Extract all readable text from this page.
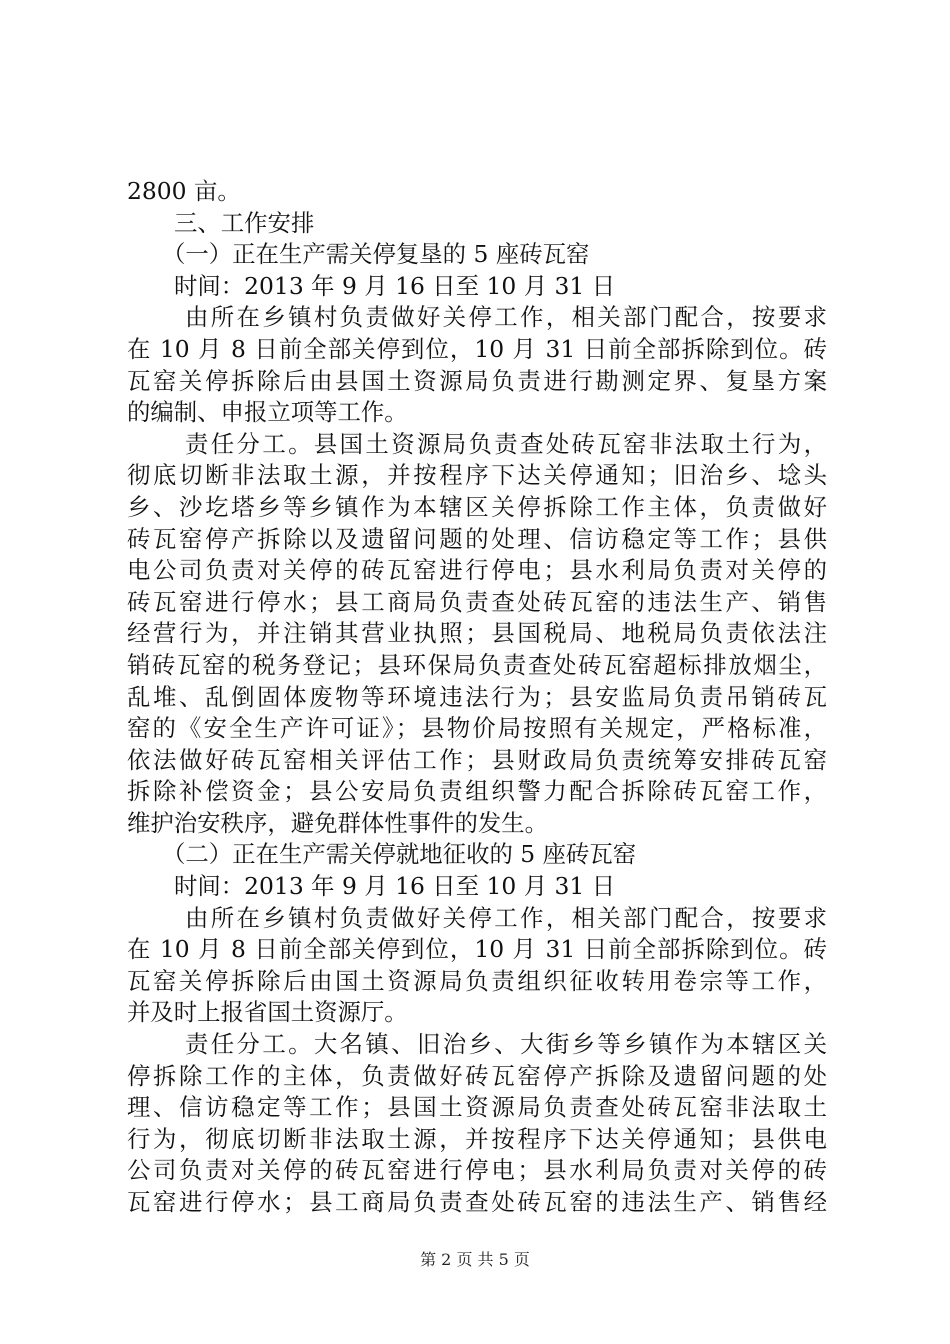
2800 亩。
三、工作安排
（一）正在生产需关停复垦的 5 座砖瓦窑
时间：2013 年 9 月 16 日至 10 月 31 日
由所在乡镇村负责做好关停工作，相关部门配合，按要求
在 10 月 8 日前全部关停到位，10 月 31 日前全部拆除到位。砖
瓦窑关停拆除后由县国土资源局负责进行勘测定界、复垦方案
的编制、申报立项等工作。
责任分工。县国土资源局负责查处砖瓦窑非法取土行为，
彻底切断非法取土源，并按程序下达关停通知；旧治乡、埝头
乡、沙圪塔乡等乡镇作为本辖区关停拆除工作主体，负责做好
砖瓦窑停产拆除以及遗留问题的处理、信访稳定等工作；县供
电公司负责对关停的砖瓦窑进行停电；县水利局负责对关停的
砖瓦窑进行停水；县工商局负责查处砖瓦窑的违法生产、销售
经营行为，并注销其营业执照；县国税局、地税局负责依法注
销砖瓦窑的税务登记；县环保局负责查处砖瓦窑超标排放烟尘，
乱堆、乱倒固体废物等环境违法行为；县安监局负责吊销砖瓦
窑的《安全生产许可证》；县物价局按照有关规定，严格标准，
依法做好砖瓦窑相关评估工作；县财政局负责统筹安排砖瓦窑
拆除补偿资金；县公安局负责组织警力配合拆除砖瓦窑工作，
维护治安秩序，避免群体性事件的发生。
（二）正在生产需关停就地征收的 5 座砖瓦窑
时间：2013 年 9 月 16 日至 10 月 31 日
由所在乡镇村负责做好关停工作，相关部门配合，按要求
在 10 月 8 日前全部关停到位，10 月 31 日前全部拆除到位。砖
瓦窑关停拆除后由国土资源局负责组织征收转用卷宗等工作，
并及时上报省国土资源厅。
责任分工。大名镇、旧治乡、大街乡等乡镇作为本辖区关
停拆除工作的主体，负责做好砖瓦窑停产拆除及遗留问题的处
理、信访稳定等工作；县国土资源局负责查处砖瓦窑非法取土
行为，彻底切断非法取土源，并按程序下达关停通知；县供电
公司负责对关停的砖瓦窑进行停电；县水利局负责对关停的砖
瓦窑进行停水；县工商局负责查处砖瓦窑的违法生产、销售经
第 2 页 共 5 页
